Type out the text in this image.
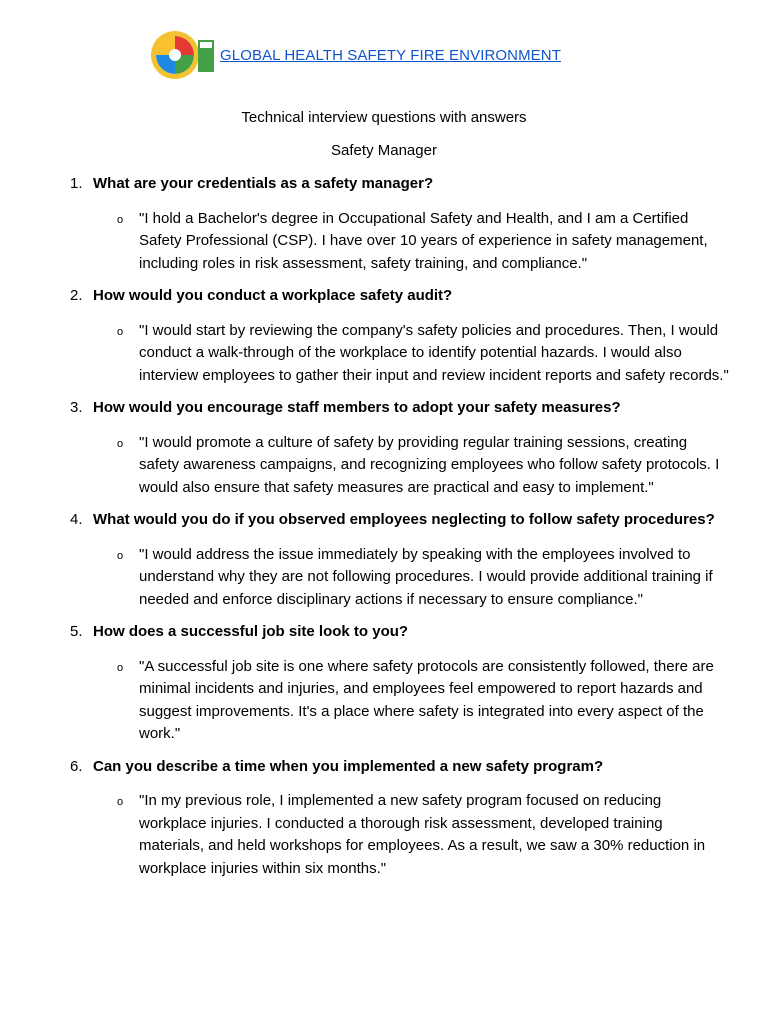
GLOBAL HEALTH SAFETY FIRE ENVIRONMENT
Technical interview questions with answers
Safety Manager
1. What are your credentials as a safety manager?
o "I hold a Bachelor's degree in Occupational Safety and Health, and I am a Certified Safety Professional (CSP). I have over 10 years of experience in safety management, including roles in risk assessment, safety training, and compliance."
2. How would you conduct a workplace safety audit?
o "I would start by reviewing the company's safety policies and procedures. Then, I would conduct a walk-through of the workplace to identify potential hazards. I would also interview employees to gather their input and review incident reports and safety records."
3. How would you encourage staff members to adopt your safety measures?
o "I would promote a culture of safety by providing regular training sessions, creating safety awareness campaigns, and recognizing employees who follow safety protocols. I would also ensure that safety measures are practical and easy to implement."
4. What would you do if you observed employees neglecting to follow safety procedures?
o "I would address the issue immediately by speaking with the employees involved to understand why they are not following procedures. I would provide additional training if needed and enforce disciplinary actions if necessary to ensure compliance."
5. How does a successful job site look to you?
o "A successful job site is one where safety protocols are consistently followed, there are minimal incidents and injuries, and employees feel empowered to report hazards and suggest improvements. It's a place where safety is integrated into every aspect of the work."
6. Can you describe a time when you implemented a new safety program?
o "In my previous role, I implemented a new safety program focused on reducing workplace injuries. I conducted a thorough risk assessment, developed training materials, and held workshops for employees. As a result, we saw a 30% reduction in workplace injuries within six months."
